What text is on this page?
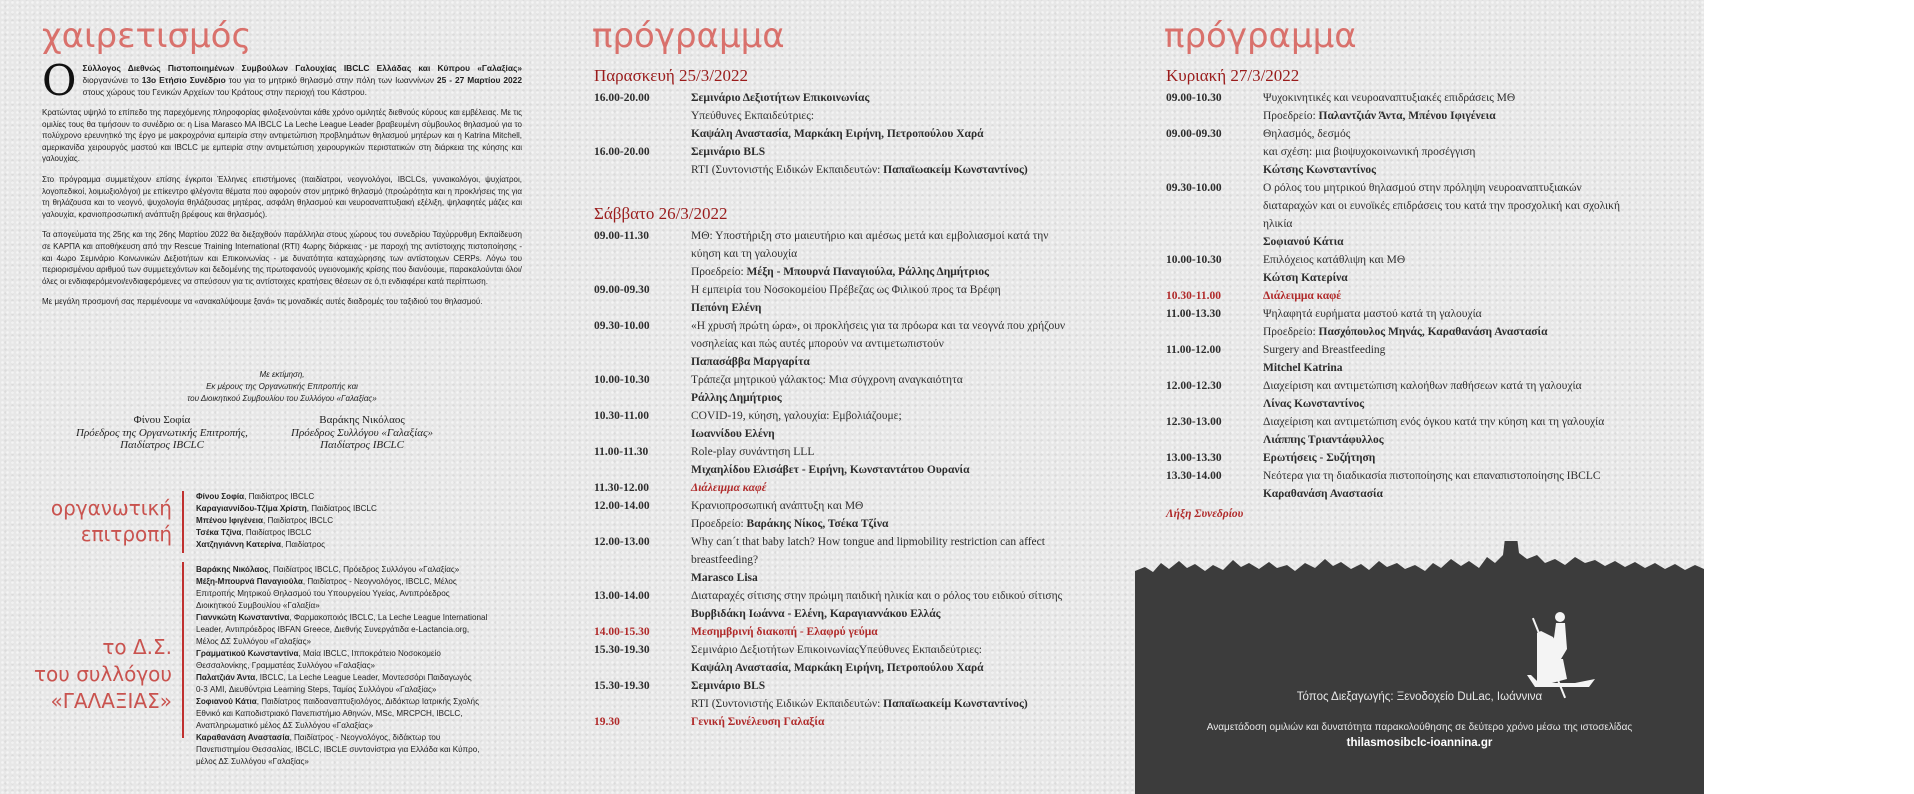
χαιρετισμός

Ο Σύλλογος Διεθνώς Πιστοποιημένων Συμβούλων Γαλουχίας IBCLC Ελλάδας και Κύπρου «Γαλαξίας» διοργανώνει το 13ο Ετήσιο Συνέδριο του για το μητρικό θηλασμό στην πόλη των Ιωαννίνων 25 - 27 Μαρτίου 2022 στους χώρους του Γενικών Αρχείων του Κράτους στην περιοχή του Κάστρου.

Κρατώντας υψηλό το επίπεδο της παρεχόμενης πληροφορίας φιλοξενούνται κάθε χρόνο ομιλητές διεθνούς κύρους και εμβέλειας. Με τις ομιλίες τους θα τιμήσουν το συνέδριο οι: η Lisa Marasco MA IBCLC La Leche League Leader βραβευμένη σύμβουλος θηλασμού για το πολύχρονο ερευνητικό της έργο με μακροχρόνια εμπειρία στην αντιμετώπιση προβλημάτων θηλασμού μητέρων και η Katrina Mitchell, αμερικανίδα χειρουργός μαστού και IBCLC με εμπειρία στην αντιμετώπιση χειρουργικών περιστατικών στη διάρκεια της κύησης και γαλουχίας.

Στο πρόγραμμα συμμετέχουν επίσης έγκριτοι Έλληνες επιστήμονες (παιδίατροι, νεογνολόγοι, IBCLCs, γυναικολόγοι, ψυχίατροι, λογοπεδικοί, λοιμωξιολόγοι) με επίκεντρο φλέγοντα θέματα που αφορούν στον μητρικό θηλασμό (προώρότητα και η προκλήσεις της για τη θηλάζουσα και το νεογνό, ψυχολογία θηλάζουσας μητέρας, ασφάλη θηλασμού και νευροαναπτυξιακή εξέλιξη, ψηλαφητές μάζες και γαλουχία, κρανιοπροσωπική ανάπτυξη βρέφους και θηλασμός).

Τα απογεύματα της 25ης και της 26ης Μαρτίου 2022 θα διεξαχθούν παράλληλα στους χώρους του συνεδρίου Ταχύρρυθμη Εκπαίδευση σε ΚΑΡΠΑ και αποθήκευση από την Rescue Training International (RTI) 4ωρης διάρκειας - με παροχή της αντίστοιχης πιστοποίησης - και 4ωρο Σεμινάριο Κοινωνικών Δεξιοτήτων και Επικοινωνίας - με δυνατότητα καταχώρησης των αντίστοιχων CERPs. Λόγω του περιορισμένου αριθμού των συμμετεχόντων και δεδομένης της πρωτοφανούς υγειονομικής κρίσης που διανύουμε, παρακαλούνται όλοι/όλες οι ενδιαφερόμενοι/ενδιαφερόμενες να σπεύσουν για τις αντίστοιχες κρατήσεις θέσεων σε ό,τι ενδιαφέρει κατά περίπτωση.

Με μεγάλη προσμονή σας περιμένουμε να «ανακαλύψουμε ξανά» τις μοναδικές αυτές διαδρομές του ταξιδιού του θηλασμού.

Με εκτίμηση,
Εκ μέρους της Οργανωτικής Επιτροπής και
του Διοικητικού Συμβουλίου του Συλλόγου «Γαλαξίας»
Φίνου Σοφία
Πρόεδρος της Οργανωτικής Επιτροπής,
Παιδίατρος IBCLC
Βαράκης Νικόλαος
Πρόεδρος Συλλόγου «Γαλαξίας»
Παιδίατρος IBCLC
οργανωτική
επιτροπή
Φίνου Σοφία, Παιδίατρος IBCLC
Καραγιαννίδου-Τζίμα Χρίστη, Παιδίατρος IBCLC
Μπένου Ιφιγένεια, Παιδίατρος IBCLC
Τσέκα Τζίνα, Παιδίατρος IBCLC
Χατζηγιάννη Κατερίνα, Παιδίατρος
το Δ.Σ.
του συλλόγου
«ΓΑΛΑΞΙΑΣ»
Βαράκης Νικόλαος, Παιδίατρος IBCLC, Πρόεδρος Συλλόγου «Γαλαξίας»
Μέξη-Μπουρνά Παναγιούλα, Παιδίατρος - Νεογνολόγος, IBCLC, Μέλος
Επιτροπής Μητρικού Θηλασμού του Υπουργείου Υγείας, Αντιπρόεδρος
Διοικητικού Συμβουλίου «Γαλαξία»
Γιαννκώτη Κωνσταντίνα, Φαρμακοποιός IBCLC, La Leche League International
Leader, Αντιπρόεδρος IBFAN Greece, Διεθνής Συνεργάτιδα e-Lactancia.org,
Μέλος ΔΣ Συλλόγου «Γαλαξίας»
Γραμματικού Κωνσταντίνα, Μαία IBCLC, Ιπποκράτειο Νοσοκομείο
Θεσσαλονίκης, Γραμματέας Συλλόγου «Γαλαξίας»
Παλατζιάν Άντα, IBCLC, La Leche League Leader, Μοντεσσόρι Παιδαγωγός
0-3 AMI, Διευθύντρια Learning Steps, Ταμίας Συλλόγου «Γαλαξίας»
Σοφιανού Κάτια, Παιδίατρος παιδοαναπτυξιολόγος, Διδάκτωρ Ιατρικής Σχολής
Εθνικό και Καποδιστριακό Πανεπιστήμιο Αθηνών, MSc, MRCPCH, IBCLC,
Αναπληρωματικό μέλος ΔΣ Συλλόγου «Γαλαξίας»
Καραθανάση Αναστασία, Παιδίατρος - Νεογνολόγος, διδάκτωρ του
Πανεπιστημίου Θεσσαλίας, IBCLC, IBCLE συντονίστρια για Ελλάδα και Κύπρο,
μέλος ΔΣ Συλλόγου «Γαλαξίας»
πρόγραμμα
Παρασκευή 25/3/2022
16.00-20.00	Σεμινάριο Δεξιοτήτων Επικοινωνίας
Υπεύθυνες Εκπαιδεύτριες:
Καψάλη Αναστασία, Μαρκάκη Ειρήνη, Πετροπούλου Χαρά
16.00-20.00	Σεμινάριο BLS
RTI (Συντονιστής Ειδικών Εκπαιδευτών: Παπαϊωακείμ Κωνσταντίνος)
Σάββατο 26/3/2022
09.00-11.30	ΜΘ: Υποστήριξη στο μαιευτήριο και αμέσως μετά και εμβολιασμοί κατά την
κύηση και τη γαλουχία
Προεδρείο: Μέξη - Μπουρνά Παναγιούλα, Ράλλης Δημήτριος
09.00-09.30	Η εμπειρία του Νοσοκομείου Πρέβεζας ως Φιλικού προς τα Βρέφη
Πεπόνη Ελένη
09.30-10.00	«Η χρυσή πρώτη ώρα», οι προκλήσεις για τα πρόωρα και τα νεογνά που χρήζουν
νοσηλείας και πώς αυτές μπορούν να αντιμετωπιστούν
Παπασάββα Μαργαρίτα
10.00-10.30	Τράπεζα μητρικού γάλακτος: Μια σύγχρονη αναγκαιότητα
Ράλλης Δημήτριος
10.30-11.00	COVID-19, κύηση, γαλουχία: Εμβολιάζουμε;
Ιωαννίδου Ελένη
11.00-11.30	Role-play συνάντηση LLL
Μιχαηλίδου Ελισάβετ - Ειρήνη, Κωνσταντάτου Ουρανία
11.30-12.00	Διάλειμμα καφέ
12.00-14.00	Κρανιοπροσωπική ανάπτυξη και ΜΘ
Προεδρείο: Βαράκης Νίκος, Τσέκα Τζίνα
12.00-13.00	Why can´t that baby latch? How tongue and lipmobility restriction can affect
breastfeeding?
Marasco Lisa
13.00-14.00	Διαταραχές σίτισης στην πρώιμη παιδική ηλικία και ο ρόλος του ειδικού σίτισης
Βυρβιδάκη Ιωάννα - Ελένη, Καραγιαννάκου Ελλάς
14.00-15.30	Μεσημβρινή διακοπή - Ελαφρύ γεύμα
15.30-19.30	Σεμινάριο Δεξιοτήτων ΕπικοινωνίαςΥπεύθυνες Εκπαιδεύτριες:
Καψάλη Αναστασία, Μαρκάκη Ειρήνη, Πετροπούλου Χαρά
15.30-19.30	Σεμινάριο BLS
RTI (Συντονιστής Ειδικών Εκπαιδευτών: Παπαϊωακείμ Κωνσταντίνος)
19.30	Γενική Συνέλευση Γαλαξία
πρόγραμμα
Κυριακή 27/3/2022
09.00-10.30	Ψυχοκινητικές και νευροαναπτυξιακές επιδράσεις ΜΘ
Προεδρείο: Παλαντζιάν Άντα, Μπένου Ιφιγένεια
09.00-09.30	Θηλασμός, δεσμός
και σχέση: μια βιοψυχοκοινωνική προσέγγιση
Κώτσης Κωνσταντίνος
09.30-10.00	Ο ρόλος του μητρικού θηλασμού στην πρόληψη νευροαναπτυξιακών
διαταραχών και οι ευνοϊκές επιδράσεις του κατά την προσχολική και σχολική
ηλικία
Σοφιανού Κάτια
10.00-10.30	Επιλόχειος κατάθλιψη και ΜΘ
Κώτση Κατερίνα
10.30-11.00	Διάλειμμα καφέ
11.00-13.30	Ψηλαφητά ευρήματα μαστού κατά τη γαλουχία
Προεδρείο: Πασχόπουλος Μηνάς, Καραθανάση Αναστασία
11.00-12.00	Surgery and Breastfeeding
Mitchel Katrina
12.00-12.30	Διαχείριση και αντιμετώπιση καλοήθων παθήσεων κατά τη γαλουχία
Λίνας Κωνσταντίνος
12.30-13.00	Διαχείριση και αντιμετώπιση ενός όγκου κατά την κύηση και τη γαλουχία
Λιάππης Τριαντάφυλλος
13.00-13.30	Ερωτήσεις - Συζήτηση
13.30-14.00	Νεότερα για τη διαδικασία πιστοποίησης και επαναπιστοποίησης IBCLC
Καραθανάση Αναστασία
Λήξη Συνεδρίου
Τόπος Διεξαγωγής: Ξενοδοχείο DuLac, Ιωάννινα
Αναμετάδοση ομιλιών και δυνατότητα παρακολούθησης σε δεύτερο χρόνο μέσω της ιστοσελίδας
thilasmosibclc-ioannina.gr
